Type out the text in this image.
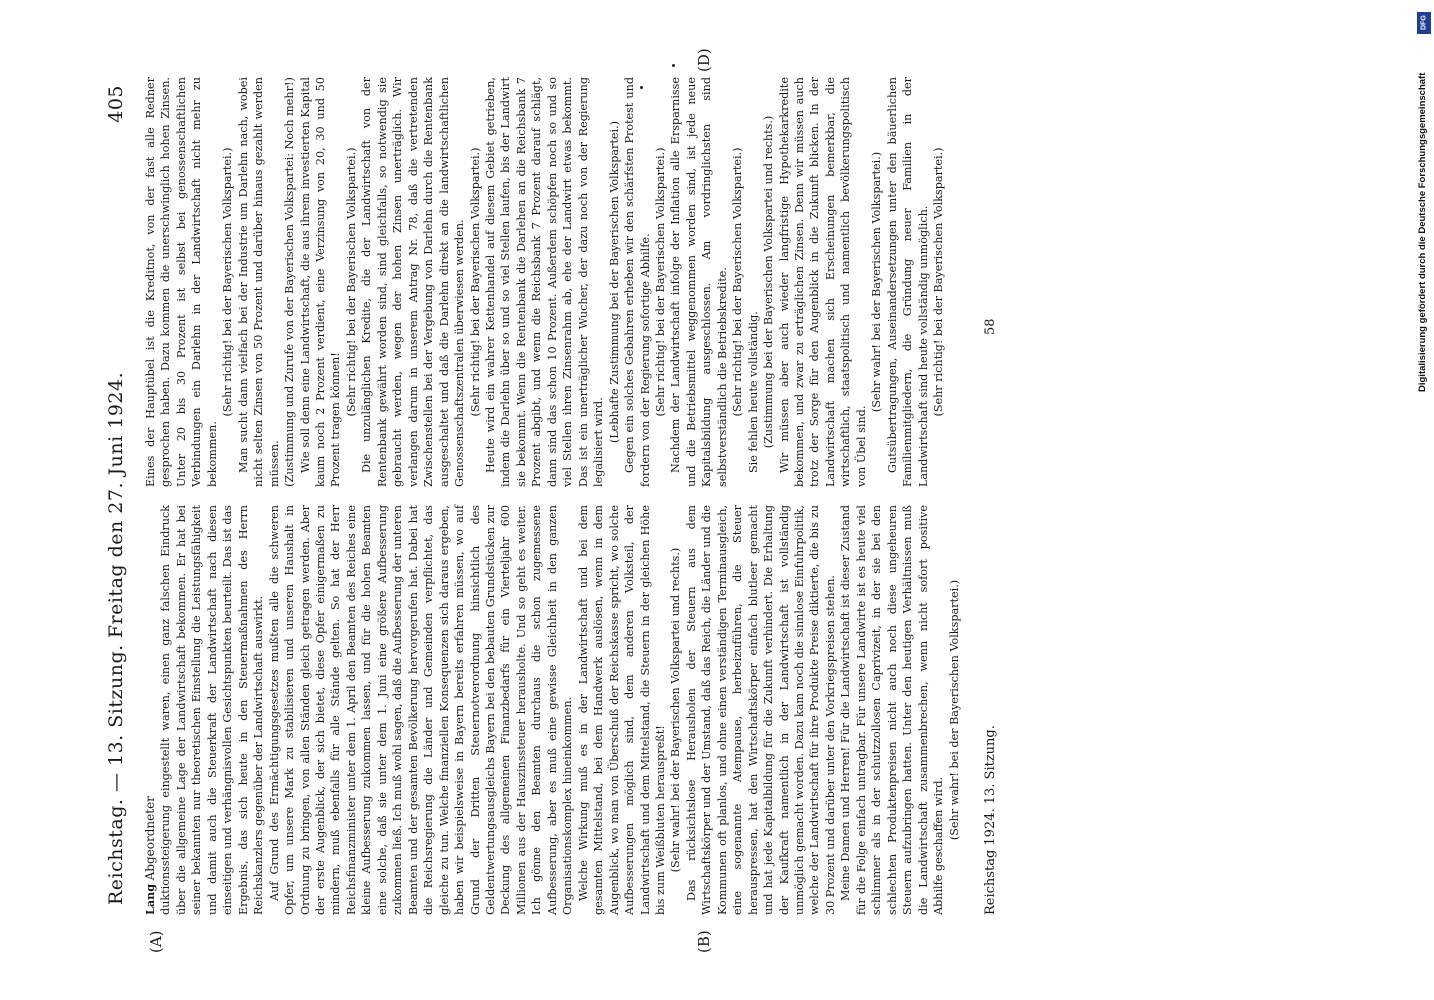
Reichstag. — 13. Sitzung.
Freitag den 27. Juni 1924.
405
(A)	(B)
(D)

Lang Abgeordneter duktionssteigerung eingestellt waren, einen ganz falschen Eindruck über die allgemeine Lage der Landwirtschaft bekommen. Er hat bei seiner bekannten nur theoretischen Einstellung die Leistungsfähigkeit und damit auch die Steuerkraft der Landwirtschaft nach diesen einseitigen und verhängnisvollen Gesichtspunkten beurteilt. Das ist das Ergebnis, das sich heute in den Steuermaßnahmen des Herrn Reichskanzlers gegenüber der Landwirtschaft auswirkt. Auf Grund des Ermächtigungsgesetzes mußten alle die schweren Opfer, um unsere Mark zu stabilisieren und unseren Haushalt in Ordnung zu bringen, von allen Ständen gleich getragen werden. Aber der erste Augenblick, der sich bietet, diese Opfer einigermaßen zu mindern, muß ebenfalls für alle Stände gelten. So hat der Herr Reichsfinanzminister unter dem 1. April den Beamten des Reiches eine kleine Aufbesserung zukommen lassen, und für die hohen Beamten eine solche, daß sie unter dem 1. Juni eine größere Aufbesserung zukommen ließ. Ich muß wohl sagen, daß die Aufbesserung der unteren Beamten und der gesamten Bevölkerung hervorgerufen hat. Dabei hat die Reichsregierung die Länder und Gemeinden verpflichtet, das gleiche zu tun. Welche finanziellen Konsequenzen sich daraus ergeben, haben wir beispielsweise in Bayern bereits erfahren müssen, wo auf Grund der Dritten Steuernotverordnung hinsichtlich des Geldentwertungsausgleichs Bayern bei den bebauten Grundstücken zur Deckung des allgemeinen Finanzbedarfs für ein Vierteljahr 600 Millionen aus der Hauszinssteuer herausholte. Und so geht es weiter. Ich gönne den Beamten durchaus die schon zugemessene Aufbesserung, aber es muß eine gewisse Gleichheit in den ganzen Organisationskomplex hineinkommen. Welche Wirkung muß es in der Landwirtschaft und bei dem gesamten Mittelstand, bei dem Handwerk auslösen, wenn in dem Augenblick, wo man von Überschuß der Reichskasse spricht, wo solche Aufbesserungen möglich sind, dem anderen Volksteil, der Landwirtschaft und dem Mittelstand, die Steuern in der gleichen Höhe bis zum Weißbluten herauspreßt! (Sehr wahr! bei der Bayerischen Volkspartei und rechts.) Das rücksichtslose Herausholen der Steuern aus dem Wirtschaftskörper und der Umstand, daß das Reich, die Länder und die Kommunen oft planlos, und ohne einen verständigen Terminausgleich, eine sogenannte Atempause, herbeizuführen, die Steuer herauspressen, hat den Wirtschaftskörper einfach blutleer gemacht und hat jede Kapitalbildung für die Zukunft verhindert. Die Erhaltung der Kaufkraft namentlich in der Landwirtschaft ist vollständig unmöglich gemacht worden. Dazu kam noch die sinnlose Einfuhrpolitik, welche der Landwirtschaft für ihre Produkte Preise diktierte, die bis zu 30 Prozent und darüber unter den Vorkriegspreisen stehen. Meine Damen und Herren! Für die Landwirtschaft ist dieser Zustand für die Folge einfach untragbar. Für unsere Landwirte ist es heute viel schlimmer als in der schutzzollosen Caprivizeit, in der sie bei den schlechten Produktenpreisen nicht auch noch diese ungeheuren Steuern aufzubringen hatten. Unter den heutigen Verhältnissen muß die Landwirtschaft zusammenbrechen, wenn nicht sofort positive Abhilfe geschaffen wird.

(Sehr wahr! bei der Bayerischen Volkspartei.)

Eines der Hauptübel ist die Kreditnot, von der fast alle Redner gesprochen haben. Dazu kommen die unerschwinglich hohen Zinsen. Unter 20 bis 30 Prozent ist selbst bei genossenschaftlichen Verbindungen ein Darlehn in der Landwirtschaft nicht mehr zu bekommen.

(Sehr richtig! bei der Bayerischen Volkspartei.) Man sucht dann vielfach bei der Industrie um Darlehn nach, wobei nicht selten Zinsen von 50 Prozent und darüber hinaus gezahlt werden müssen. (Zustimmung und Zurufe von der Bayerischen Volkspartei: Noch mehr!) Wie soll denn eine Landwirtschaft, die aus ihrem investierten Kapital kaum noch 2 Prozent verdient, eine Verzinsung von 20, 30 und 50 Prozent tragen können!

(Sehr richtig! bei der Bayerischen Volkspartei.) Die unzulänglichen Kredite, die der Landwirtschaft von der Rentenbank gewährt worden sind, sind gleichfalls, so notwendig sie gebraucht werden, wegen der hohen Zinsen unerträglich. Wir verlangen darum in unserem Antrag Nr. 78, daß die vertretenden Zwischenstellen bei der Vergebung von Darlehn durch die Rentenbank ausgeschaltet und daß die Darlehn direkt an die landwirtschaftlichen Genossenschaftszentralen überwiesen werden. (Sehr richtig! bei der Bayerischen Volkspartei.) Heute wird ein wahrer Kettenhandel auf diesem Gebiet getrieben, indem die Darlehn über so und so viel Stellen laufen, bis der Landwirt sie bekommt. Wenn die Rentenbank die Darlehen an die Reichsbank 7 Prozent abgibt, und wenn die Reichsbank 7 Prozent darauf schlägt, dann sind das schon 10 Prozent. Außerdem schöpfen noch so und so viel Stellen ihren Zinsenrahm ab, ehe der Landwirt etwas bekommt. Das ist ein unerträglicher Wucher, der dazu noch von der Regierung legalisiert wird. (Lebhafte Zustimmung bei der Bayerischen Volkspartei.) Gegen ein solches Gebahren erheben wir den schärfsten Protest und fordern von der Regierung sofortige Abhilfe. (Sehr richtig! bei der Bayerischen Volkspartei.) Nachdem der Landwirtschaft infolge der Inflation alle Ersparnisse und die Betriebsmittel weggenommen worden sind, ist jede neue Kapitalsbildung ausgeschlossen. Am vordringlichsten sind selbstverständlich die Betriebskredite. (Sehr richtig! bei der Bayerischen Volkspartei.) Sie fehlen heute vollständig. (Zustimmung bei der Bayerischen Volkspartei und rechts.) Wir müssen aber auch wieder langfristige Hypothekarkredite bekommen, und zwar zu erträglichen Zinsen. Denn wir müssen auch trotz der Sorge für den Augenblick in die Zukunft blicken. In der Landwirtschaft machen sich Erscheinungen bemerkbar, die wirtschaftlich, staatspolitisch und namentlich bevölkerungspolitisch von Übel sind.

(Sehr wahr! bei der Bayerischen Volkspartei.) Gutsübertragungen, Auseinandersetzungen unter den bäuerlichen Familienmitgliedern, die Gründung neuer Familien in der Landwirtschaft sind heute vollständig unmöglich. (Sehr richtig! bei der Bayerischen Volkspartei.)

Reichstag 1924. 13. Sitzung.
58
DFG
Digitalisierung gefördert durch die Deutsche Forschungsgemeinschaft
